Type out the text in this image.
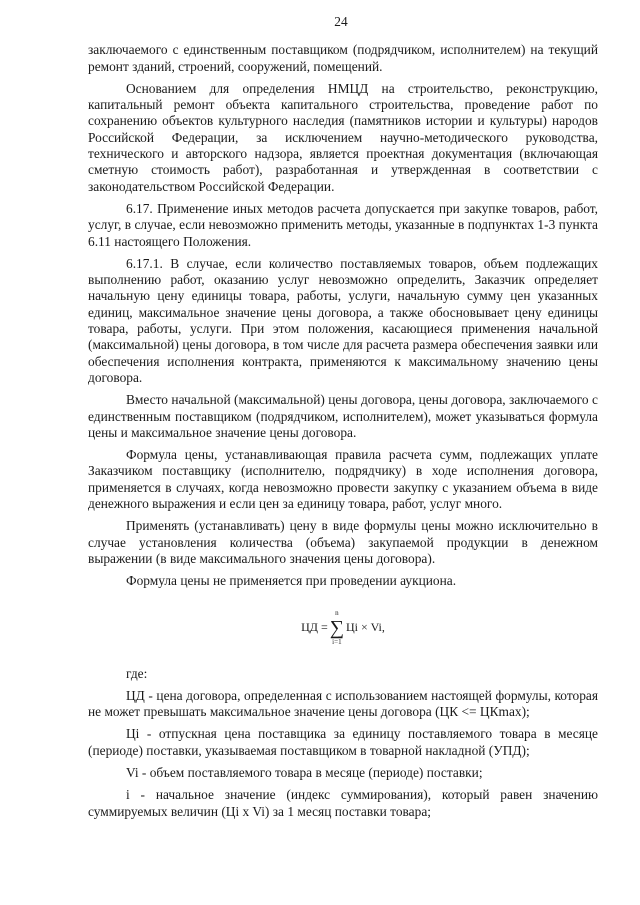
24

заключаемого с единственным поставщиком (подрядчиком, исполнителем) на текущий ремонт зданий, строений, сооружений, помещений.

Основанием для определения НМЦД на строительство, реконструкцию, капитальный ремонт объекта капитального строительства, проведение работ по сохранению объектов культурного наследия (памятников истории и культуры) народов Российской Федерации, за исключением научно-методического руководства, технического и авторского надзора, является проектная документация (включающая сметную стоимость работ), разработанная и утвержденная в соответствии с законодательством Российской Федерации.

6.17. Применение иных методов расчета допускается при закупке товаров, работ, услуг, в случае, если невозможно применить методы, указанные в подпунктах 1-3 пункта 6.11 настоящего Положения.

6.17.1. В случае, если количество поставляемых товаров, объем подлежащих выполнению работ, оказанию услуг невозможно определить, Заказчик определяет начальную цену единицы товара, работы, услуги, начальную сумму цен указанных единиц, максимальное значение цены договора, а также обосновывает цену единицы товара, работы, услуги. При этом положения, касающиеся применения начальной (максимальной) цены договора, в том числе для расчета размера обеспечения заявки или обеспечения исполнения контракта, применяются к максимальному значению цены договора.

Вместо начальной (максимальной) цены договора, цены договора, заключаемого с единственным поставщиком (подрядчиком, исполнителем), может указываться формула цены и максимальное значение цены договора.

Формула цены, устанавливающая правила расчета сумм, подлежащих уплате Заказчиком поставщику (исполнителю, подрядчику) в ходе исполнения договора, применяется в случаях, когда невозможно провести закупку с указанием объема в виде денежного выражения и если цен за единицу товара, работ, услуг много.

Применять (устанавливать) цену в виде формулы цены можно исключительно в случае установления количества (объема) закупаемой продукции в денежном выражении (в виде максимального значения цены договора).

Формула цены не применяется при проведении аукциона.

ЦД =
n
∑
i=1
Цi × Vi,

где:

ЦД - цена договора, определенная с использованием настоящей формулы, которая не может превышать максимальное значение цены договора (ЦК <= ЦКmax);

Цi - отпускная цена поставщика за единицу поставляемого товара в месяце (периоде) поставки, указываемая поставщиком в товарной накладной (УПД);

Vi - объем поставляемого товара в месяце (периоде) поставки;

i - начальное значение (индекс суммирования), который равен значению суммируемых величин (Цi x Vi) за 1 месяц поставки товара;
